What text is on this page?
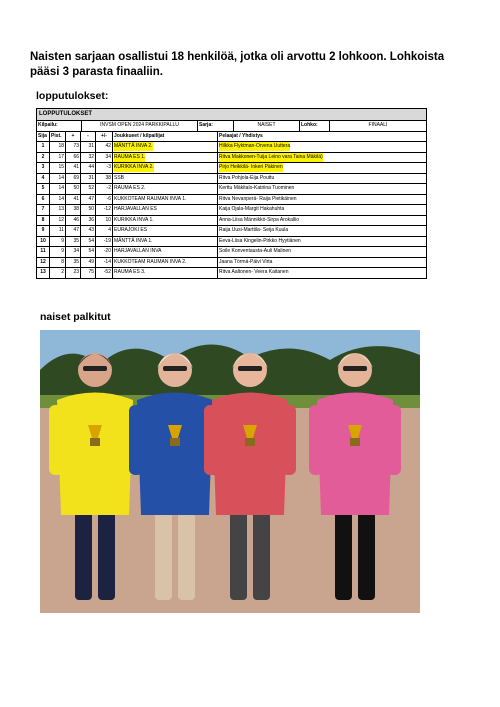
Naisten sarjaan osallistui 18 henkilöä, jotka oli arvottu 2 lohkoon. Lohkoista pääsi 3 parasta finaaliin.
lopputulokset:
LOPPUTULOKSET
Kilpailu:	INVSM OPEN 2024 PARKKIPALLU	Sarja:	NAISET	Lohko:	FINAALI
Sija Pist.	+	-	+/-	Joukkueet / kilpailijat	Pelaajat / Yhdistys
1	18 73 31 42 MÄNTTÄ INVA 2.	Hilkka Flyktman-Orvena Uuttera
2	17 66 32 34 RAUMA ES 1.	Ritva Makkonen-Tuija Leino vara Taina Mäkilä)
3	15 41 44	-3 KURIKKA INVA 2.	Pirjo Heikkilä- Inkeri Päkinen
4	14 69 31 38 SSB	Ritva Pohjola-Eija Pouttu
5	14 50 52	-2 RAUMA ES 2.	Kerttu Mäkitalo-Katriina Tuominen
6	14 41 47	-6 KUKKOTEAM RAUMAN INVA 1.	Ritva Nevanperä- Raija Pietikäinen
7	13 38 50 -12 HARJAVALLAN ES	Kaija Ojala-Margit Hakahuhta
8	12 46 36 10 KURIKKA INVA 1.	Anna-Liisa Männikkö-Sirpa Arokallio
9	11 47 43	4 EURAJOKI ES	Raija Uusi-Marttila- Seija Kuula
10	9 35 54 -19 MÄNTTÄ INVA 1.	Eeva-Liisa Kingelin-Pirkko Hyytiänen
11	9 34 54 -20 HARJAVALLAN INVA	Soile Konventausta-Auli Malinen
12	8 35 49 -14 KUKKOTEAM RAUMAN INVA 2.	Jaana Törmä-Päivi Virta
13	2 23 75 -52 RAUMA ES 3.	Ritva Aaltonen- Veera Kaitanen
naiset palkitut
